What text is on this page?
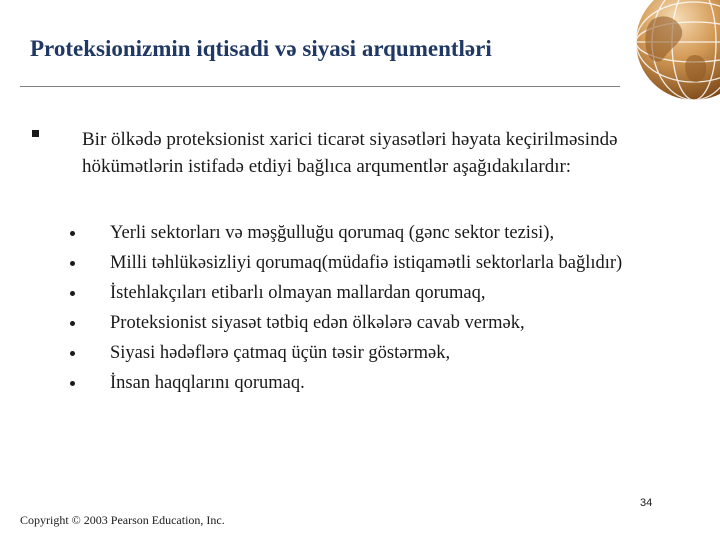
Proteksionizmin iqtisadi və siyasi arqumentləri
Bir ölkədə proteksionist xarici ticarət siyasətləri həyata keçirilməsində hökümətlərin istifadə etdiyi bağlıca arqumentlər aşağıdakılardır:
Yerli sektorları və məşğulluğu qorumaq (gənc sektor tezisi),
Milli təhlükəsizliyi qorumaq(müdafiə istiqamətli sektorlarla bağlıdır)
İstehlakçıları etibarlı olmayan mallardan qorumaq,
Proteksionist siyasət tətbiq edən ölkələrə cavab vermək,
Siyasi hədəflərə çatmaq üçün təsir göstərmək,
İnsan haqqlarını qorumaq.
34
Copyright © 2003 Pearson Education, Inc.
